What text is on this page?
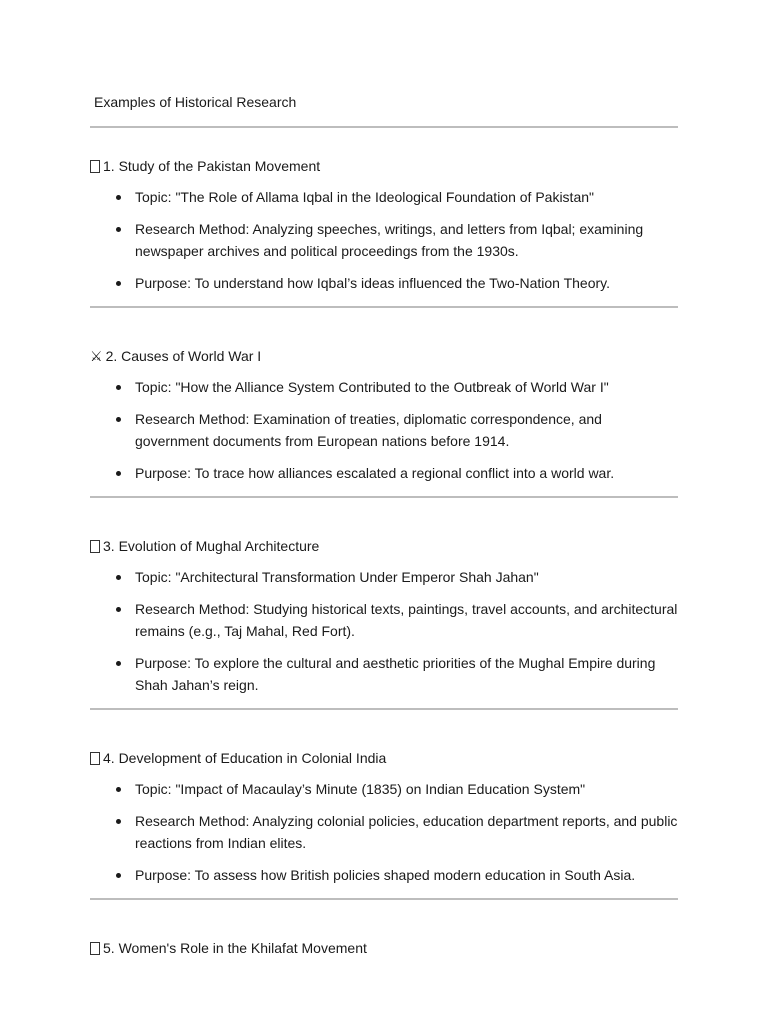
Examples of Historical Research
1. Study of the Pakistan Movement
Topic: "The Role of Allama Iqbal in the Ideological Foundation of Pakistan"
Research Method: Analyzing speeches, writings, and letters from Iqbal; examining newspaper archives and political proceedings from the 1930s.
Purpose: To understand how Iqbal’s ideas influenced the Two-Nation Theory.
⚔ 2. Causes of World War I
Topic: "How the Alliance System Contributed to the Outbreak of World War I"
Research Method: Examination of treaties, diplomatic correspondence, and government documents from European nations before 1914.
Purpose: To trace how alliances escalated a regional conflict into a world war.
3. Evolution of Mughal Architecture
Topic: "Architectural Transformation Under Emperor Shah Jahan"
Research Method: Studying historical texts, paintings, travel accounts, and architectural remains (e.g., Taj Mahal, Red Fort).
Purpose: To explore the cultural and aesthetic priorities of the Mughal Empire during Shah Jahan’s reign.
4. Development of Education in Colonial India
Topic: "Impact of Macaulay’s Minute (1835) on Indian Education System"
Research Method: Analyzing colonial policies, education department reports, and public reactions from Indian elites.
Purpose: To assess how British policies shaped modern education in South Asia.
5. Women's Role in the Khilafat Movement
